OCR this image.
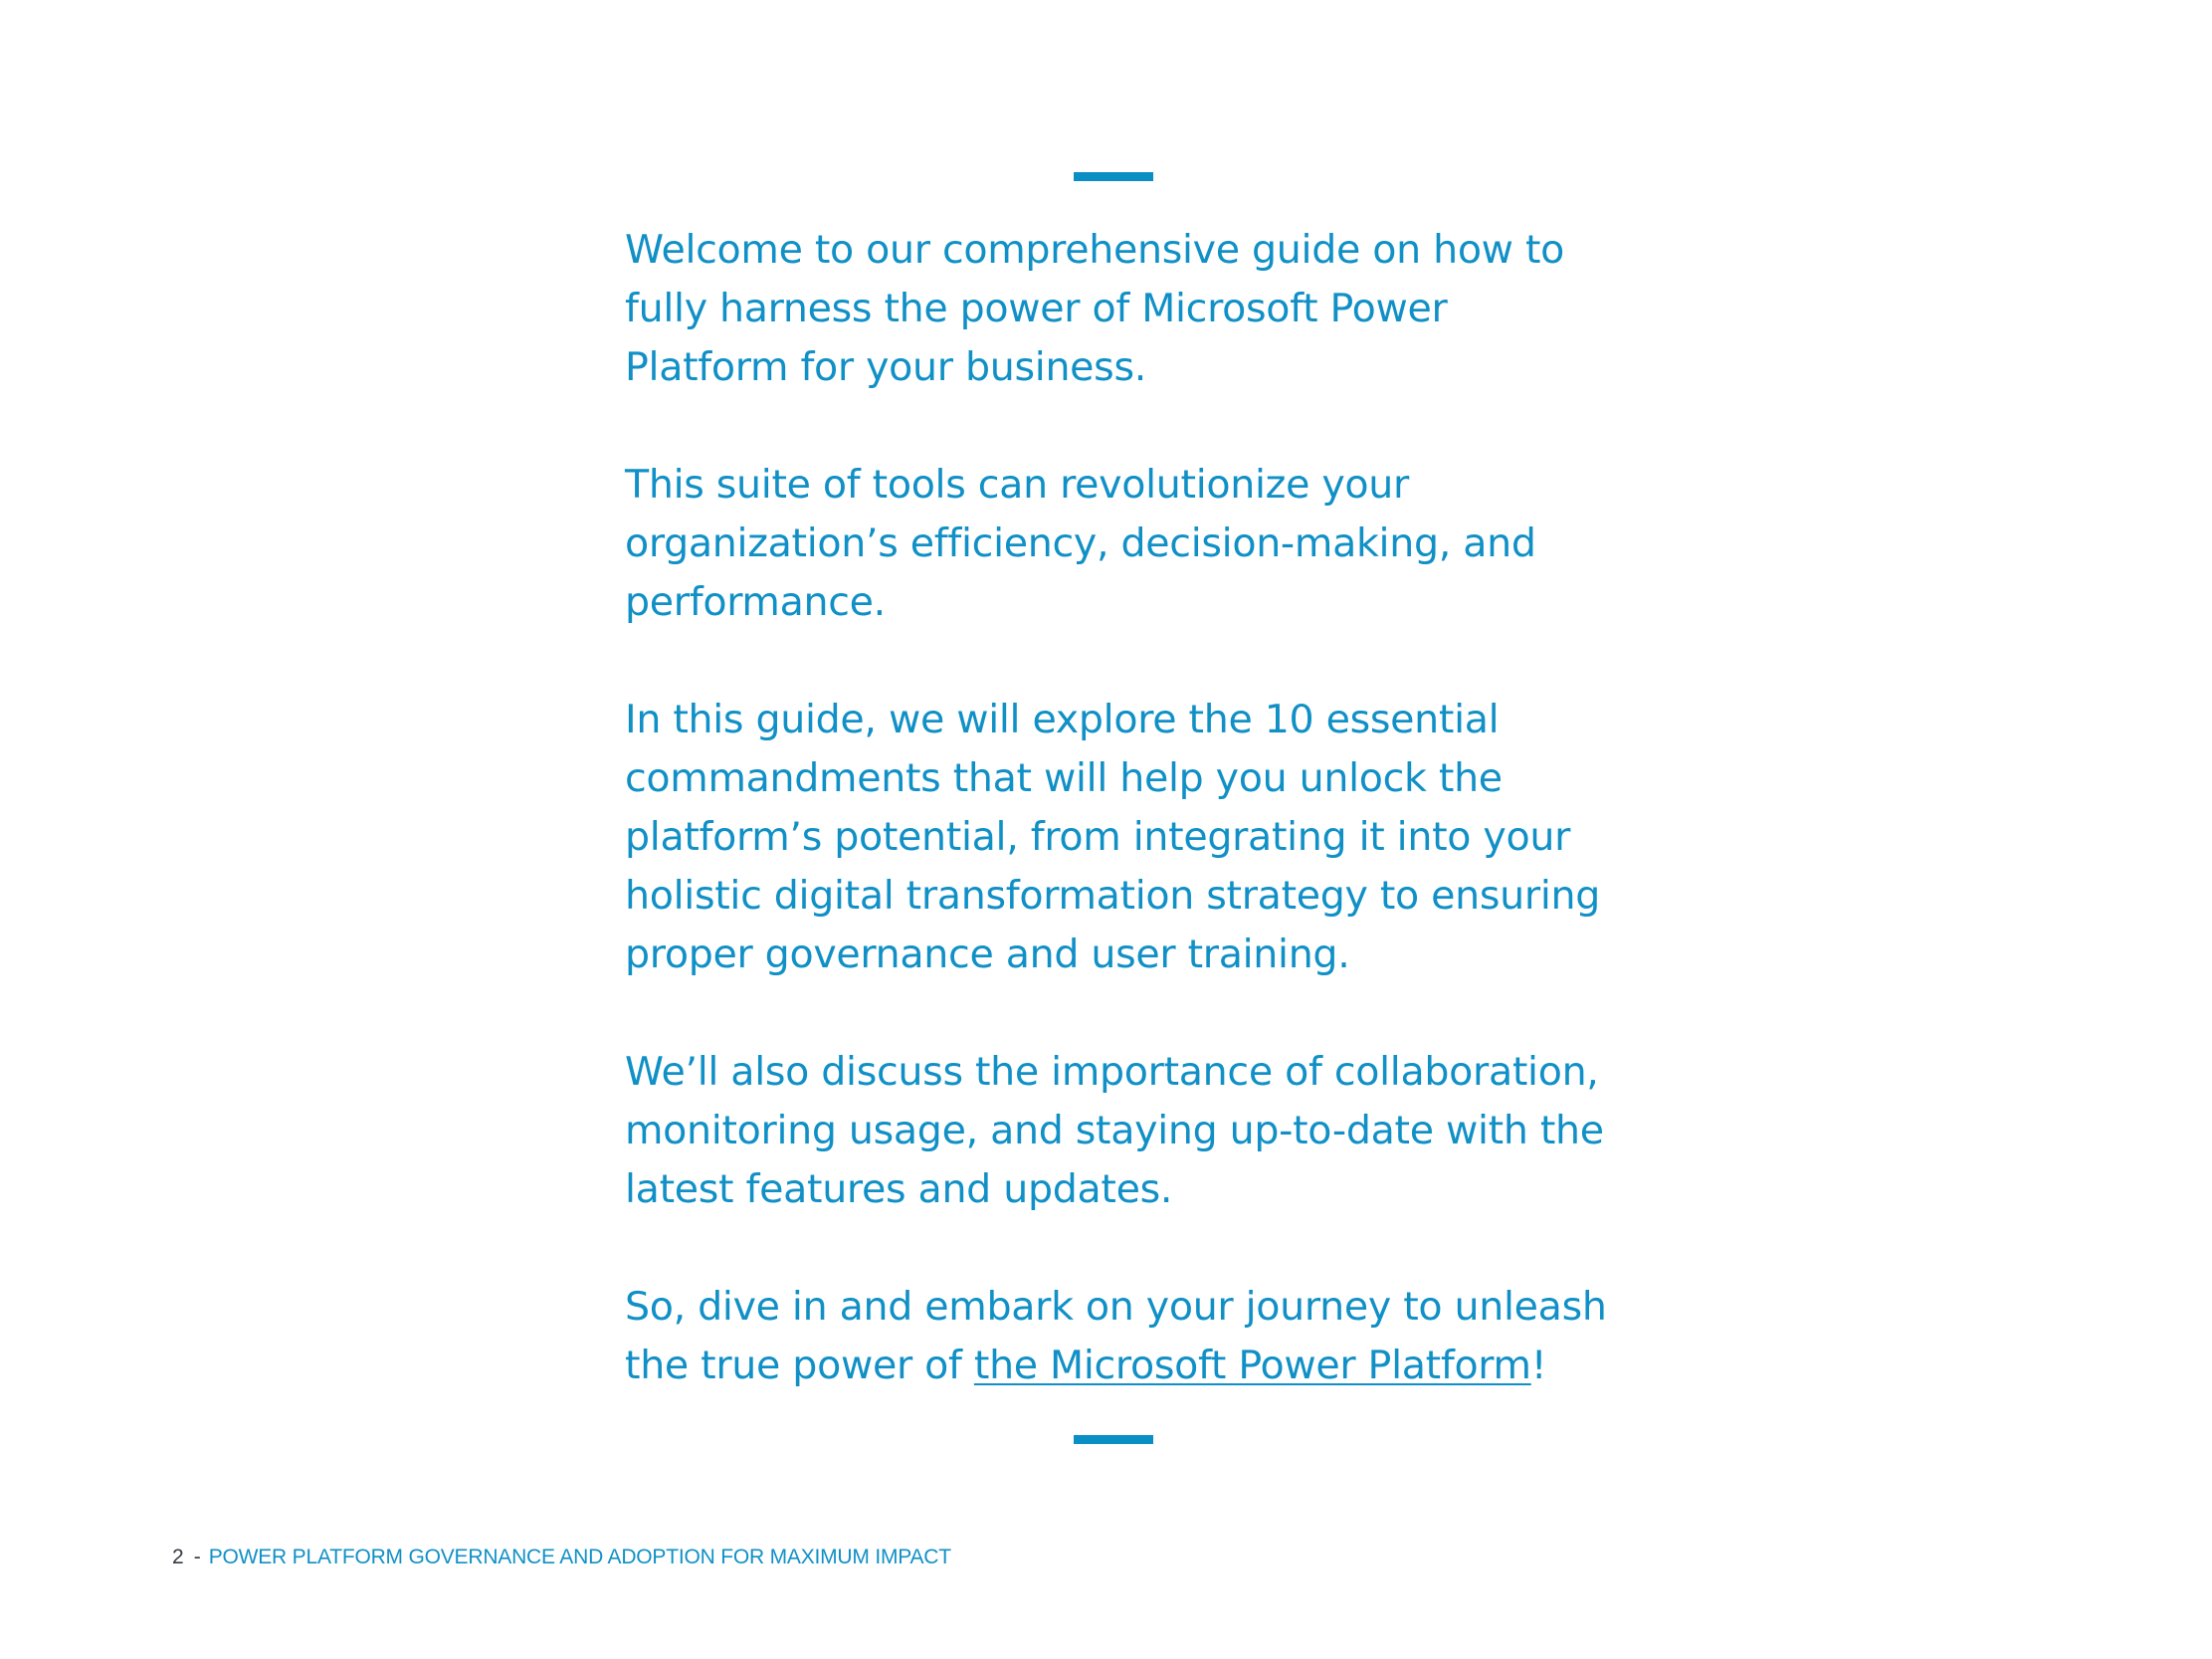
Welcome to our comprehensive guide on how to fully harness the power of Microsoft Power Platform for your business.

This suite of tools can revolutionize your organization’s efficiency, decision-making, and performance.

In this guide, we will explore the 10 essential commandments that will help you unlock the platform’s potential, from integrating it into your holistic digital transformation strategy to ensuring proper governance and user training.

We’ll also discuss the importance of collaboration, monitoring usage, and staying up-to-date with the latest features and updates.

So, dive in and embark on your journey to unleash the true power of the Microsoft Power Platform!

2 - POWER PLATFORM GOVERNANCE AND ADOPTION FOR MAXIMUM IMPACT
